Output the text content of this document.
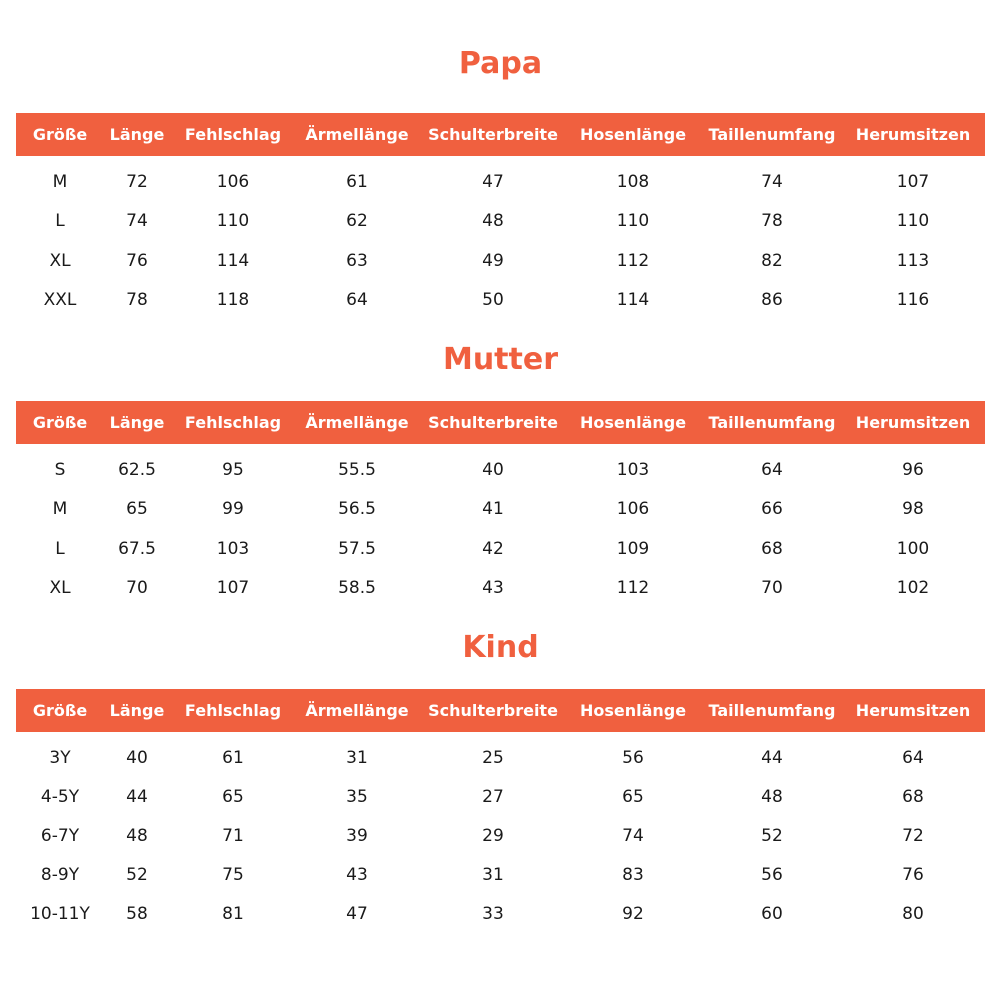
Papa
Größe Länge Fehlschlag Ärmellänge Schulterbreite Hosenlänge Taillenumfang Herumsitzen
M	72	106	61	47	108	74	107
L	74	110	62	48	110	78	110
XL	76	114	63	49	112	82	113
XXL	78	118	64	50	114	86	116
Mutter
Größe Länge Fehlschlag Ärmellänge Schulterbreite Hosenlänge Taillenumfang Herumsitzen
S	62.5	95	55.5	40	103	64	96
M	65	99	56.5	41	106	66	98
L	67.5	103	57.5	42	109	68	100
XL	70	107	58.5	43	112	70	102
Kind
Größe Länge Fehlschlag Ärmellänge Schulterbreite Hosenlänge Taillenumfang Herumsitzen
3Y	40	61	31	25	56	44	64
4-5Y	44	65	35	27	65	48	68
6-7Y	48	71	39	29	74	52	72
8-9Y	52	75	43	31	83	56	76
10-11Y 58	81	47	33	92	60	80
